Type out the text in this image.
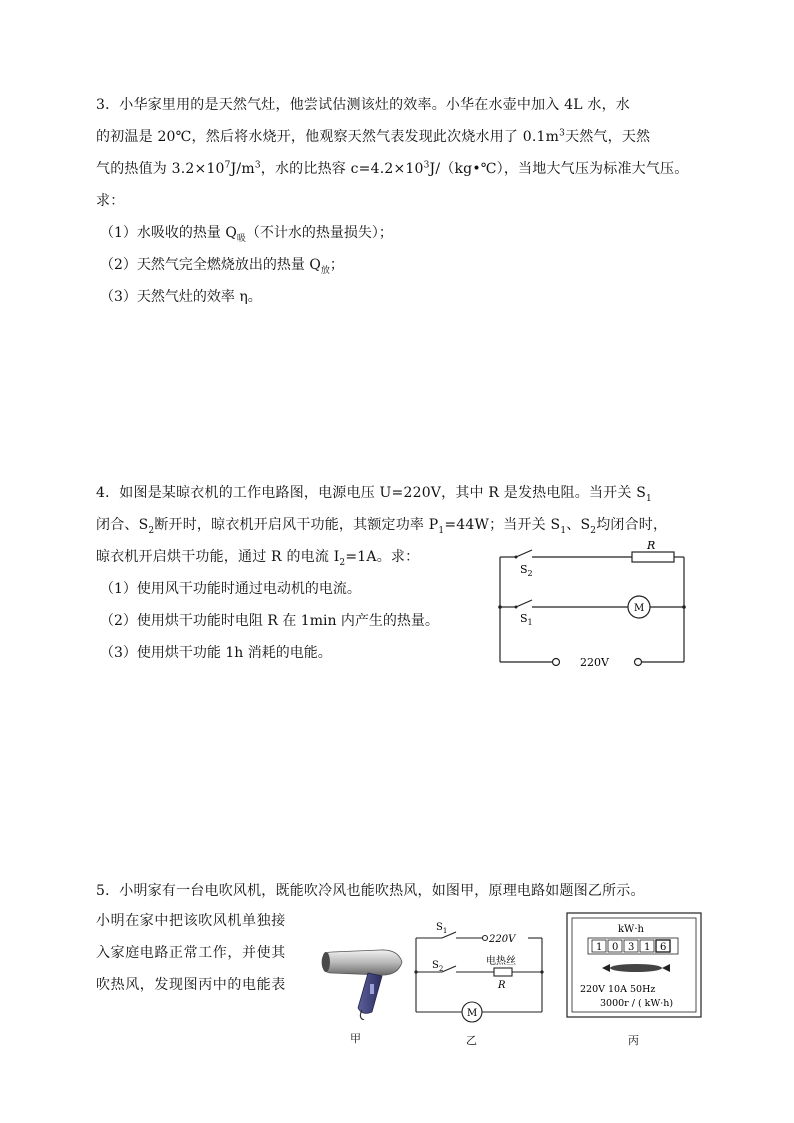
3．小华家里用的是天然气灶，他尝试估测该灶的效率。小华在水壶中加入 4L 水，水
的初温是 20℃，然后将水烧开，他观察天然气表发现此次烧水用了 $0.1m^3$天然气，天然
气的热值为 $3.2\times 10^7J/m^3$，水的比热容 $c=4.2\times 10^3J/(kg•℃)$，当地大气压为标准大气压。
求：
（1）水吸收的热量 $Q_吸$（不计水的热量损失）；
（2）天然气完全燃烧放出的热量 $Q_放$；
（3）天然气灶的效率 η。
4．如图是某晾衣机的工作电路图，电源电压 U=220V，其中 R 是发热电阻。当开关 $S_1$
闭合、$S_2$断开时，晾衣机开启风干功能，其额定功率 $P_1=44W$；当开关 $S_1$、$S_2$均闭合时，
晾衣机开启烘干功能，通过 R 的电流 $I_2=1A$。求：
（1）使用风干功能时通过电动机的电流。
（2）使用烘干功能时电阻 R 在 1min 内产生的热量。
（3）使用烘干功能 1h 消耗的电能。
R
$S_2$
$S_1$
M
220V
5．小明家有一台电吹风机，既能吹冷风也能吹热风，如图甲，原理电路如题图乙所示。
小明在家中把该吹风机单独接
入家庭电路正常工作，并使其
吹热风，发现图丙中的电能表
$S_1$
220V
$S_2$
电热丝
R
M
kW·h
1 0 3 1 6
220V 10A 50Hz
3000r / ( kW·h)
甲	乙	丙
